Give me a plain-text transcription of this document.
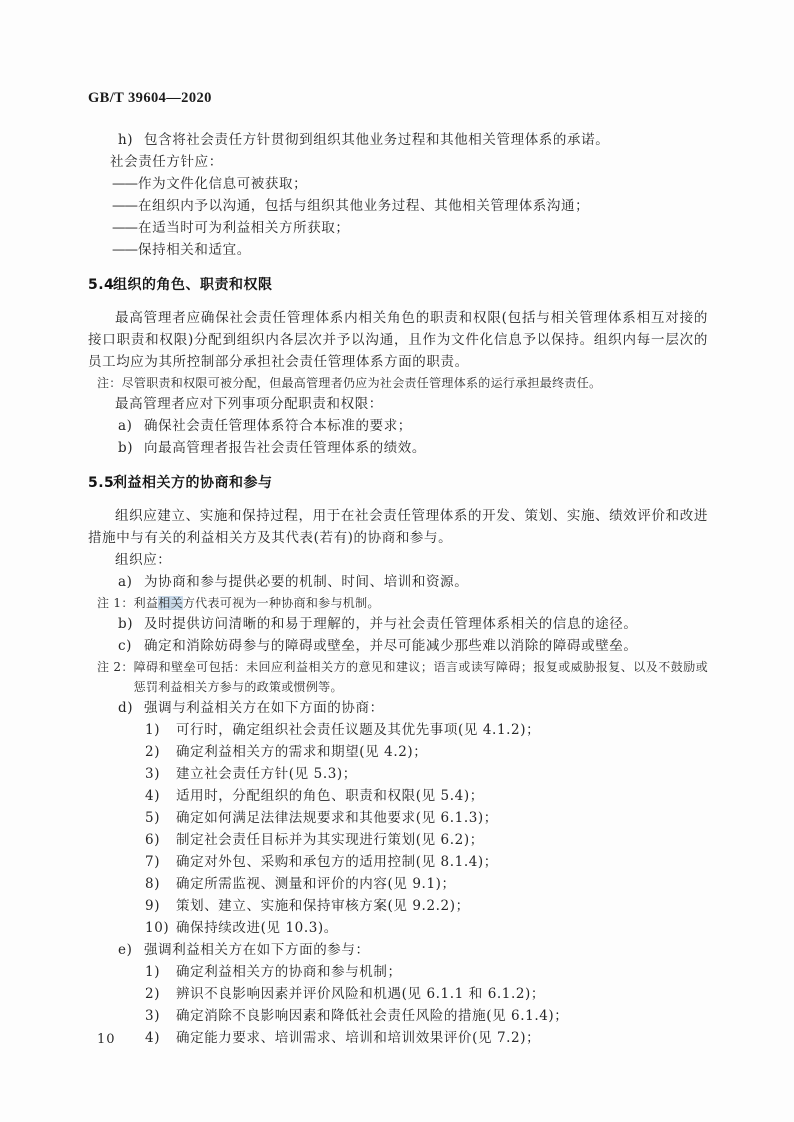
GB/T 39604—2020
h) 包含将社会责任方针贯彻到组织其他业务过程和其他相关管理体系的承诺。
社会责任方针应：
——作为文件化信息可被获取；
——在组织内予以沟通，包括与组织其他业务过程、其他相关管理体系沟通；
——在适当时可为利益相关方所获取；
——保持相关和适宜。
5.4
组织的角色、职责和权限

最高管理者应确保社会责任管理体系内相关角色的职责和权限(包括与相关管理体系相互对接的接口职责和权限)分配到组织内各层次并予以沟通，且作为文件化信息予以保持。组织内每一层次的员工均应为其所控制部分承担社会责任管理体系方面的职责。

注： 尽管职责和权限可被分配，但最高管理者仍应为社会责任管理体系的运行承担最终责任。
最高管理者应对下列事项分配职责和权限：
a) 确保社会责任管理体系符合本标准的要求；
b) 向最高管理者报告社会责任管理体系的绩效。
5.5
利益相关方的协商和参与

组织应建立、实施和保持过程，用于在社会责任管理体系的开发、策划、实施、绩效评价和改进措施中与有关的利益相关方及其代表(若有)的协商和参与。

组织应：
a) 为协商和参与提供必要的机制、时间、培训和资源。
注 1： 利益相关方代表可视为一种协商和参与机制。
b) 及时提供访问清晰的和易于理解的，并与社会责任管理体系相关的信息的途径。
c) 确定和消除妨碍参与的障碍或壁垒，并尽可能减少那些难以消除的障碍或壁垒。
注 2： 障碍和壁垒可包括：未回应利益相关方的意见和建议；语言或读写障碍；报复或威胁报复、以及不鼓励或惩罚利益相关方参与的政策或惯例等。
d) 强调与利益相关方在如下方面的协商：
1)	可行时，确定组织社会责任议题及其优先事项(见 4.1.2)；
2)	确定利益相关方的需求和期望(见 4.2)；
3)	建立社会责任方针(见 5.3)；
4)	适用时，分配组织的角色、职责和权限(见 5.4)；
5)	确定如何满足法律法规要求和其他要求(见 6.1.3)；
6)	制定社会责任目标并为其实现进行策划(见 6.2)；
7)	确定对外包、采购和承包方的适用控制(见 8.1.4)；
8)	确定所需监视、测量和评价的内容(见 9.1)；
9)	策划、建立、实施和保持审核方案(见 9.2.2)；
10) 确保持续改进(见 10.3)。
e) 强调利益相关方在如下方面的参与：
1)	确定利益相关方的协商和参与机制；
2)	辨识不良影响因素并评价风险和机遇(见 6.1.1 和 6.1.2)；
3)	确定消除不良影响因素和降低社会责任风险的措施(见 6.1.4)；
4)	确定能力要求、培训需求、培训和培训效果评价(见 7.2)；
10
